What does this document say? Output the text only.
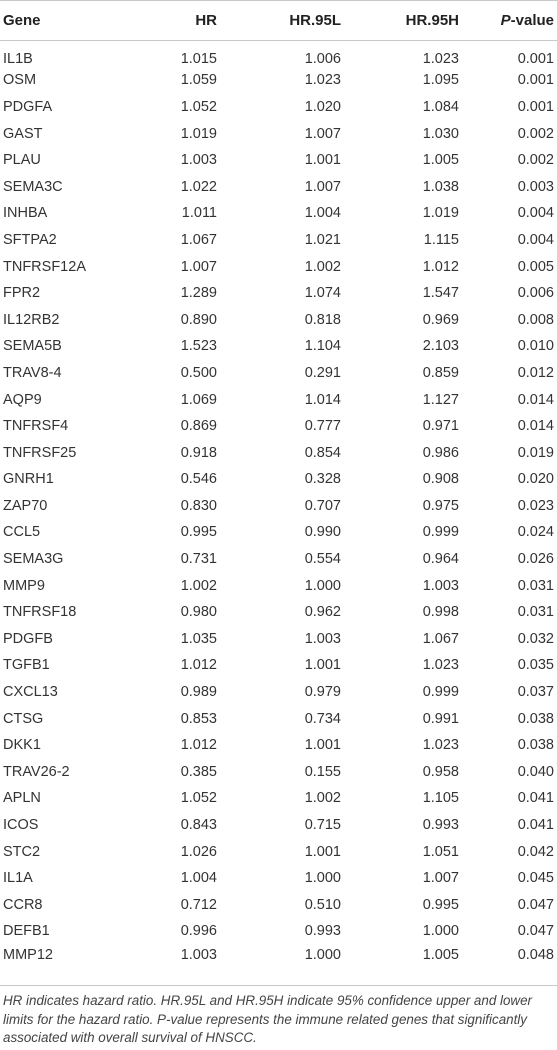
Gene	HR	HR.95L	HR.95H	P-value
IL1B	1.015	1.006	1.023	0.001
OSM	1.059	1.023	1.095	0.001
PDGFA	1.052	1.020	1.084	0.001
GAST	1.019	1.007	1.030	0.002
PLAU	1.003	1.001	1.005	0.002
SEMA3C	1.022	1.007	1.038	0.003
INHBA	1.011	1.004	1.019	0.004
SFTPA2	1.067	1.021	1.115	0.004
TNFRSF12A	1.007	1.002	1.012	0.005
FPR2	1.289	1.074	1.547	0.006
IL12RB2	0.890	0.818	0.969	0.008
SEMA5B	1.523	1.104	2.103	0.010
TRAV8-4	0.500	0.291	0.859	0.012
AQP9	1.069	1.014	1.127	0.014
TNFRSF4	0.869	0.777	0.971	0.014
TNFRSF25	0.918	0.854	0.986	0.019
GNRH1	0.546	0.328	0.908	0.020
ZAP70	0.830	0.707	0.975	0.023
CCL5	0.995	0.990	0.999	0.024
SEMA3G	0.731	0.554	0.964	0.026
MMP9	1.002	1.000	1.003	0.031
TNFRSF18	0.980	0.962	0.998	0.031
PDGFB	1.035	1.003	1.067	0.032
TGFB1	1.012	1.001	1.023	0.035
CXCL13	0.989	0.979	0.999	0.037
CTSG	0.853	0.734	0.991	0.038
DKK1	1.012	1.001	1.023	0.038
TRAV26-2	0.385	0.155	0.958	0.040
APLN	1.052	1.002	1.105	0.041
ICOS	0.843	0.715	0.993	0.041
STC2	1.026	1.001	1.051	0.042
IL1A	1.004	1.000	1.007	0.045
CCR8	0.712	0.510	0.995	0.047
DEFB1	0.996	0.993	1.000	0.047
MMP12	1.003	1.000	1.005	0.048
HR indicates hazard ratio. HR.95L and HR.95H indicate 95% confidence upper and lower limits for the hazard ratio. P-value represents the immune related genes that significantly associated with overall survival of HNSCC.
